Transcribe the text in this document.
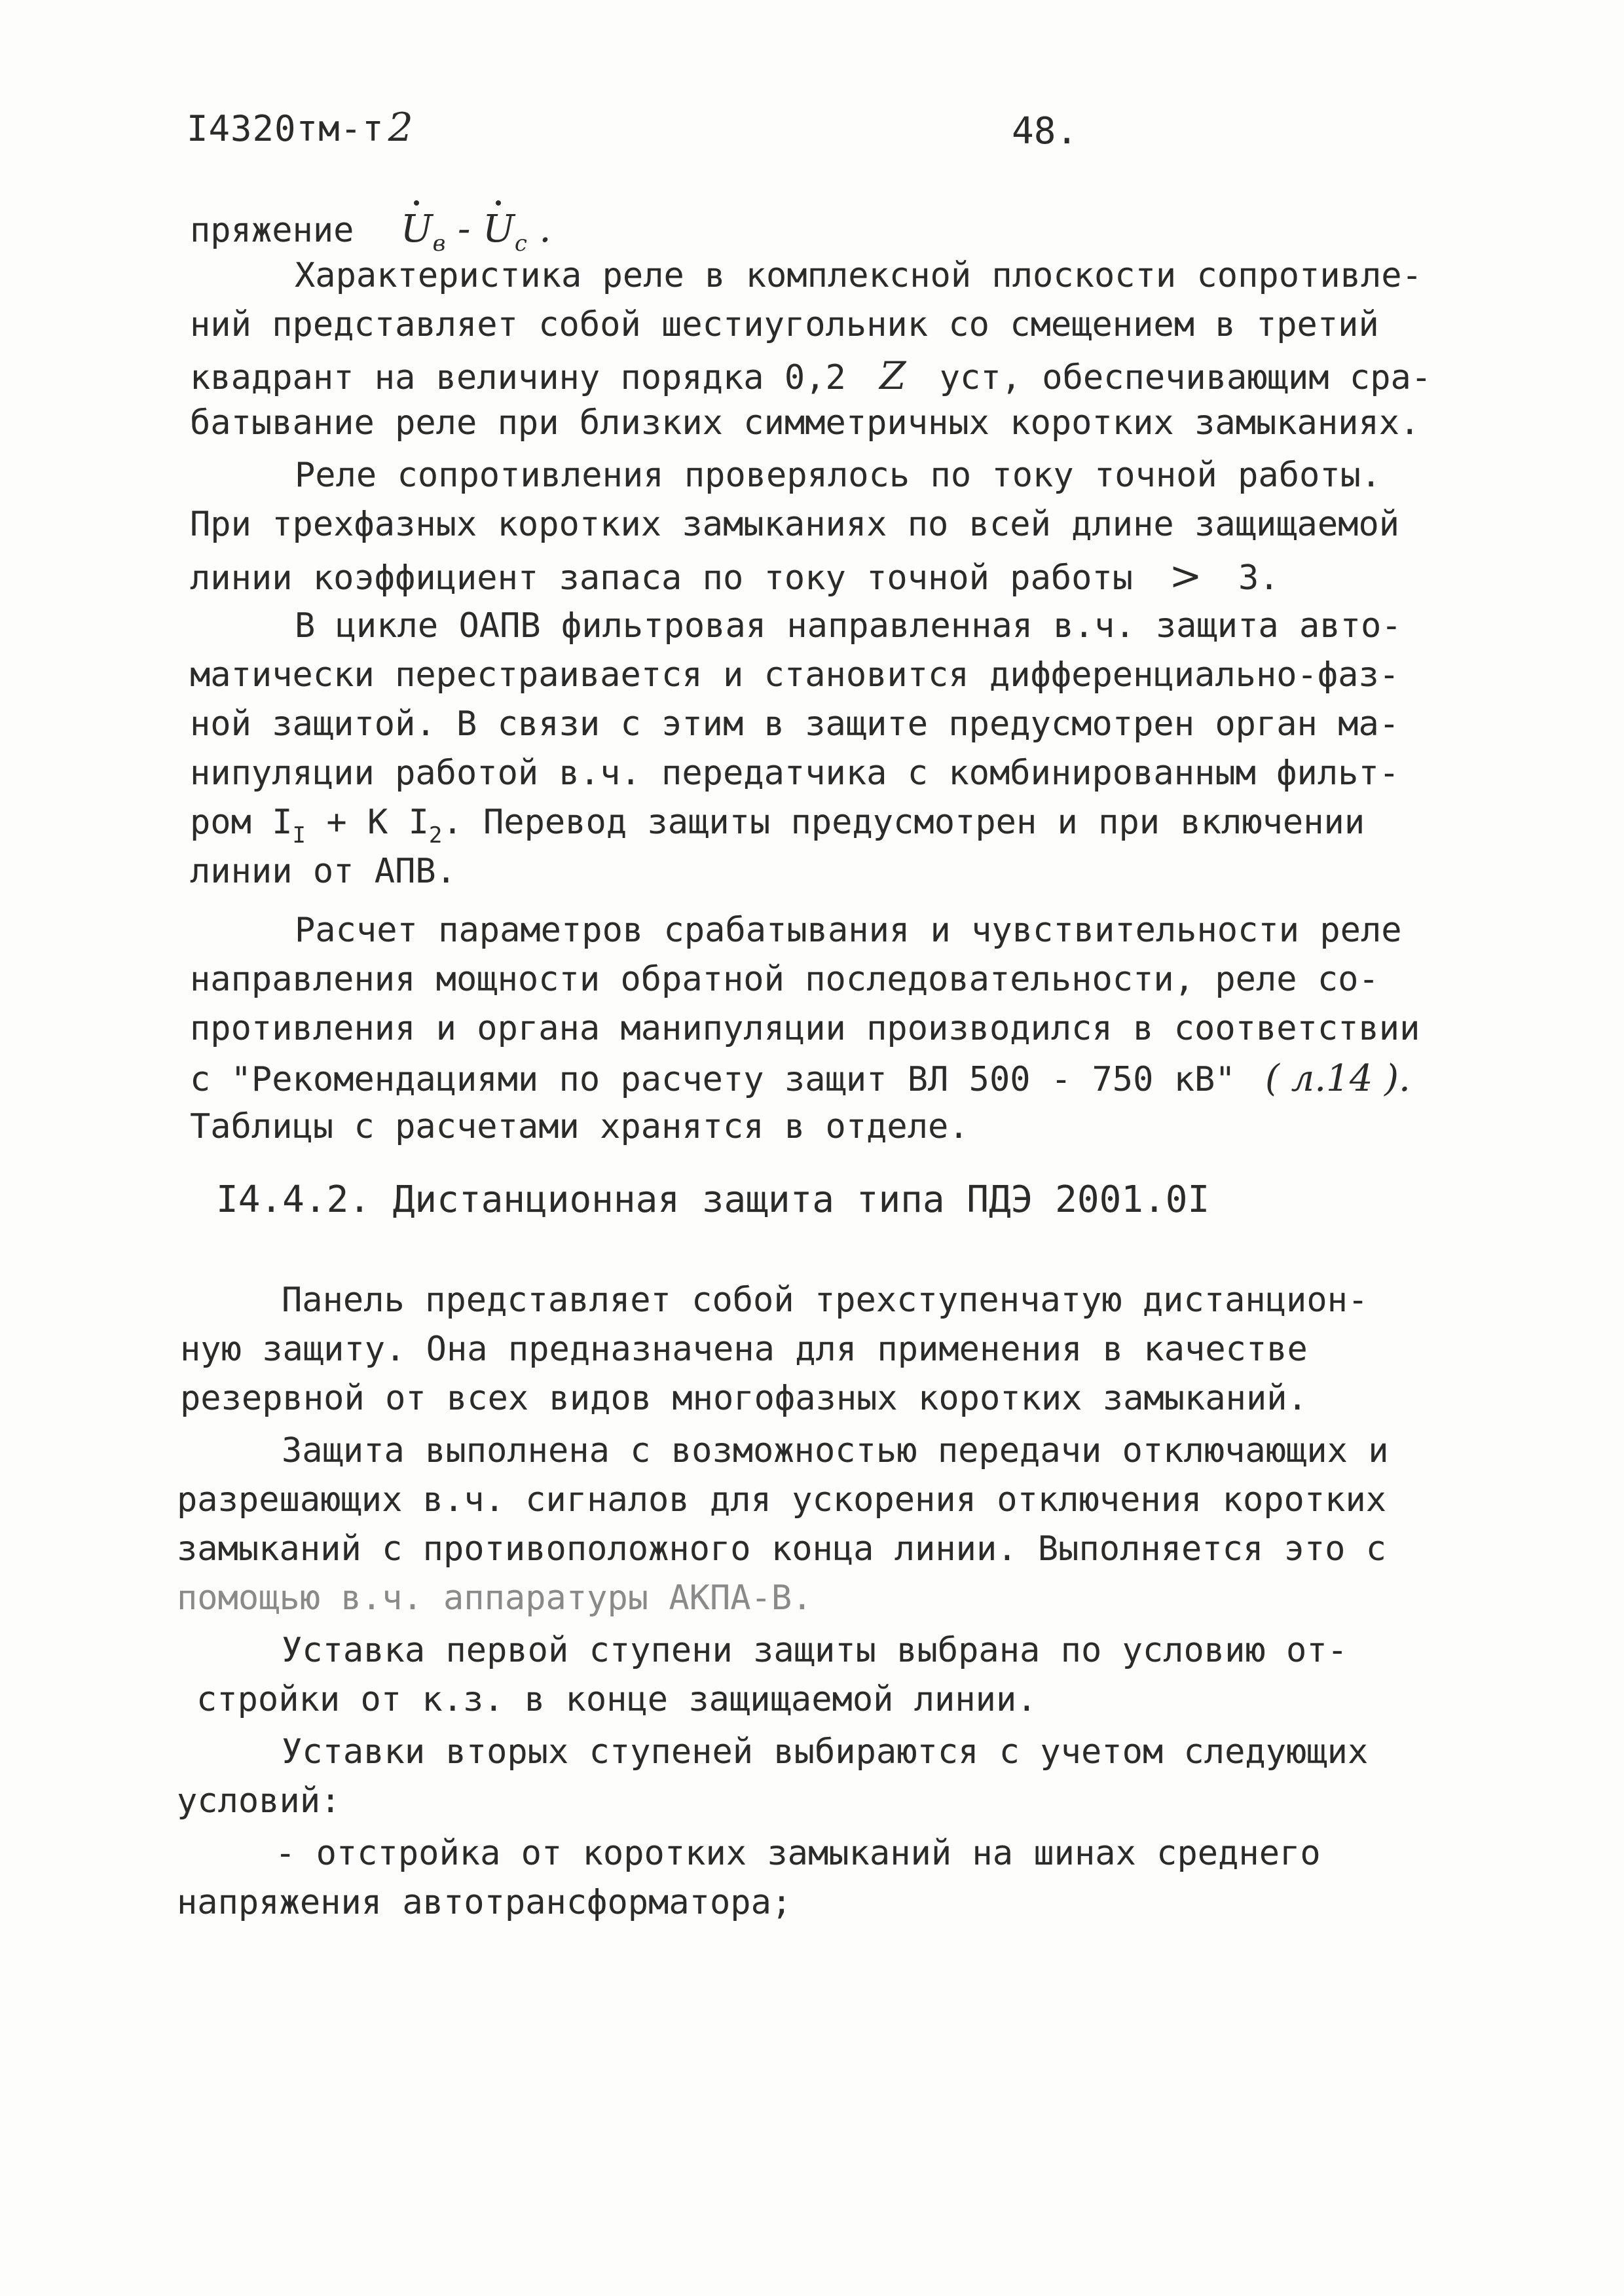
I4320тм-т 2	48.
пряжение $U_в - U_c$ .
Характеристика реле в комплексной плоскости сопротивле-
ний представляет собой шестиугольник со смещением в третий
квадрант на величину порядка 0,2 Z уст, обеспечивающим сра-
батывание реле при близких симметричных коротких замыканиях.
Реле сопротивления проверялось по току точной работы.
При трехфазных коротких замыканиях по всей длине защищаемой
линии коэффициент запаса по току точной работы > 3.
В цикле ОАПВ фильтровая направленная в.ч. защита авто-
матически перестраивается и становится дифференциально-фаз-
ной защитой. В связи с этим в защите предусмотрен орган ма-
нипуляции работой в.ч. передатчика с комбинированным фильт-
ром $I_I + К$ $I_2$. Перевод защиты предусмотрен и при включении
линии от АПВ.
Расчет параметров срабатывания и чувствительности реле
направления мощности обратной последовательности, реле со-
противления и органа манипуляции производился в соответствии
с "Рекомендациями по расчету защит ВЛ 500 - 750 кВ" ( л.14 ).
Таблицы с расчетами хранятся в отделе.
I4.4.2. Дистанционная защита типа ПДЭ 2001.0I
Панель представляет собой трехступенчатую дистанцион-
ную защиту. Она предназначена для применения в качестве
резервной от всех видов многофазных коротких замыканий.
Защита выполнена с возможностью передачи отключающих и
разрешающих в.ч. сигналов для ускорения отключения коротких
замыканий с противоположного конца линии. Выполняется это с
помощью в.ч. аппаратуры АКПА-В.
Уставка первой ступени защиты выбрана по условию от-
стройки от к.з. в конце защищаемой линии.
Уставки вторых ступеней выбираются с учетом следующих
условий:
- отстройка от коротких замыканий на шинах среднего
напряжения автотрансформатора;
